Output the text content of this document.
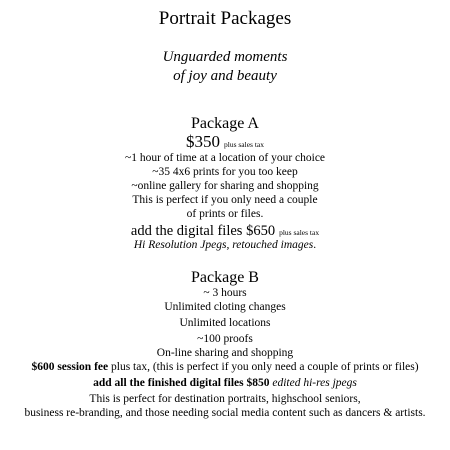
Portrait Packages
Unguarded moments
of joy and beauty
Package A
$350 plus sales tax
~1 hour of time at a location of your choice
~35 4x6 prints for you too keep
~online gallery for sharing and shopping
This is perfect if you only need a couple
of prints or files.
add the digital files $650 plus sales tax
Hi Resolution Jpegs, retouched images.
Package B
~ 3 hours
Unlimited cloting changes
Unlimited locations
~100 proofs
On-line sharing and shopping
$600 session fee plus tax, (this is perfect if you only need a couple of prints or files)
add all the finished digital files $850 edited hi-res jpegs
This is perfect for destination portraits, highschool seniors,
business re-branding, and those needing social media content such as dancers & artists.
